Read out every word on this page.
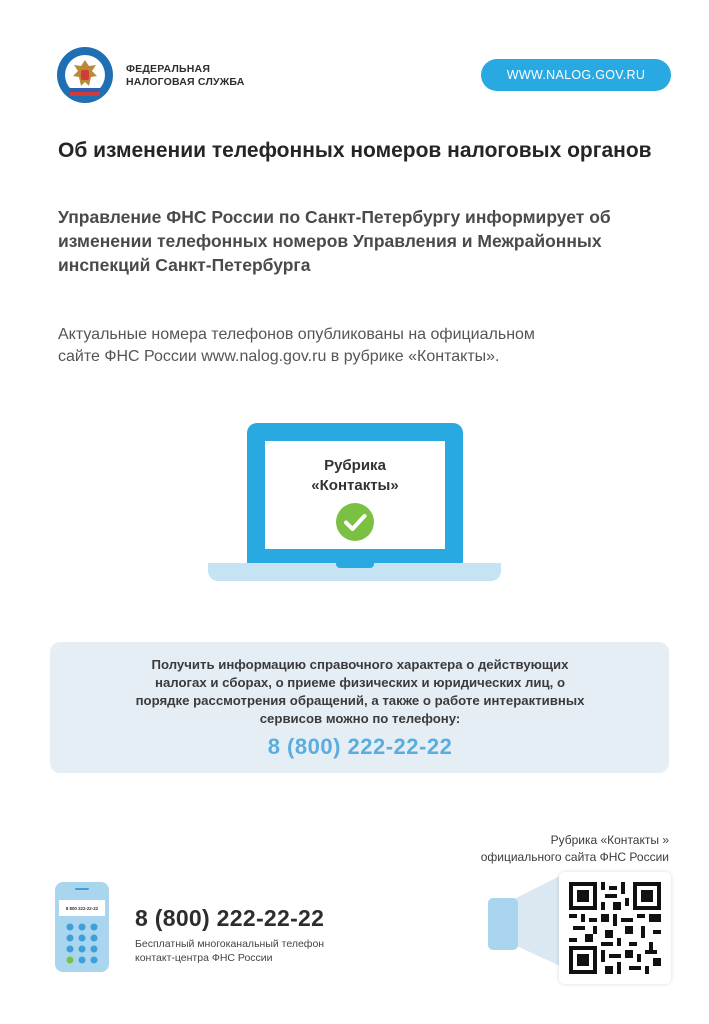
ФЕДЕРАЛЬНАЯ
НАЛОГОВАЯ СЛУЖБА	WWW.NALOG.GOV.RU
Об изменении телефонных номеров налоговых органов
Управление ФНС России по Санкт-Петербургу информирует об изменении телефонных номеров Управления и Межрайонных инспекций Санкт-Петербурга
Актуальные номера телефонов опубликованы на официальном
сайте ФНС России www.nalog.gov.ru в рубрике «Контакты».
Рубрика
«Контакты»
Получить информацию справочного характера о действующих
налогах и сборах, о приеме физических и юридических лиц, о
порядке рассмотрения обращений, а также о работе интерактивных
сервисов можно по телефону:
8 (800) 222-22-22
Рубрика «Контакты »
официального сайта ФНС России
8 800 222-22-22 8 (800) 222-22-22
Бесплатный многоканальный телефон
контакт-центра ФНС России
